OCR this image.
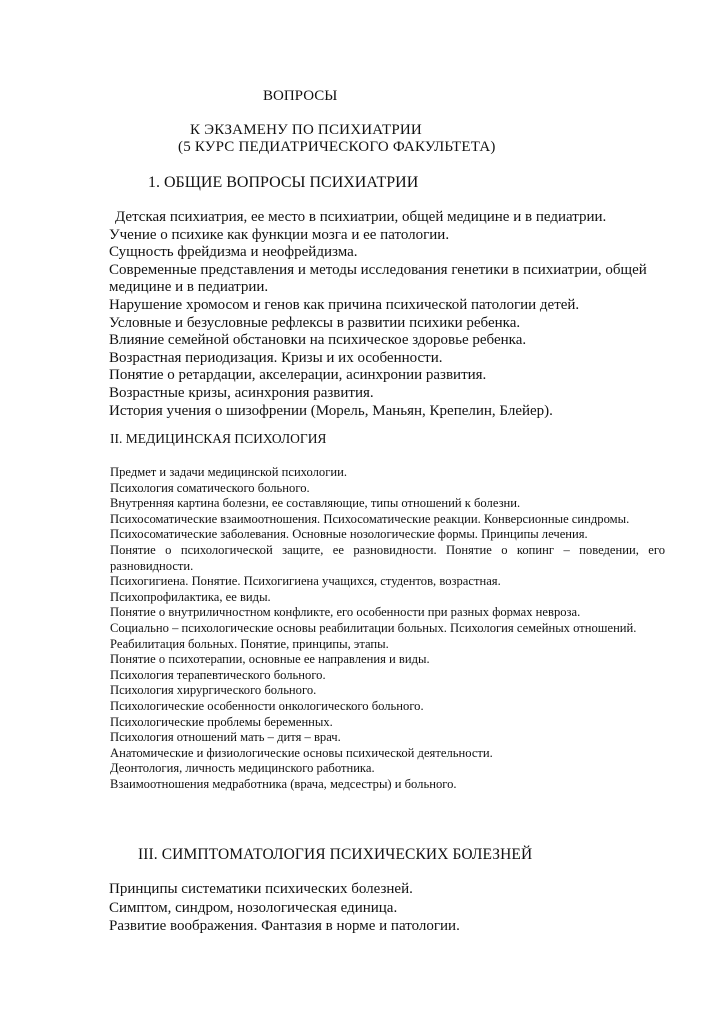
ВОПРОСЫ
К ЭКЗАМЕНУ ПО ПСИХИАТРИИ
(5 КУРС ПЕДИАТРИЧЕСКОГО ФАКУЛЬТЕТА)
1. ОБЩИЕ ВОПРОСЫ ПСИХИАТРИИ
Детская психиатрия, ее место в психиатрии, общей медицине и в педиатрии.
Учение о психике как функции мозга и ее патологии.
Сущность фрейдизма и неофрейдизма.
Современные представления и методы исследования генетики в психиатрии, общей
медицине и в педиатрии.
Нарушение хромосом и генов как причина психической патологии детей.
Условные и безусловные рефлексы в развитии психики ребенка.
Влияние семейной обстановки на психическое здоровье ребенка.
Возрастная периодизация. Кризы и их особенности.
Понятие о ретардации, акселерации, асинхронии развития.
Возрастные кризы, асинхрония развития.
История учения о шизофрении (Морель, Маньян, Крепелин, Блейер).
II. МЕДИЦИНСКАЯ ПСИХОЛОГИЯ
Предмет и задачи медицинской психологии.
Психология соматического больного.
Внутренняя картина болезни, ее составляющие, типы отношений к болезни.
Психосоматические взаимоотношения. Психосоматические реакции. Конверсионные синдромы.
Психосоматические заболевания. Основные нозологические формы. Принципы лечения.
Понятие о психологической защите, ее разновидности. Понятие о копинг – поведении, его разновидности.
Психогигиена. Понятие. Психогигиена учащихся, студентов, возрастная.
Психопрофилактика, ее виды.
Понятие о внутриличностном конфликте, его особенности при разных формах невроза.
Социально – психологические основы реабилитации больных. Психология семейных отношений.
Реабилитация больных. Понятие, принципы, этапы.
Понятие о психотерапии, основные ее направления и виды.
Психология терапевтического больного.
Психология хирургического больного.
Психологические особенности онкологического больного.
Психологические проблемы беременных.
Психология отношений мать – дитя – врач.
Анатомические и физиологические основы психической деятельности.
Деонтология, личность медицинского работника.
Взаимоотношения медработника (врача, медсестры) и больного.
III. СИМПТОМАТОЛОГИЯ ПСИХИЧЕСКИХ БОЛЕЗНЕЙ
Принципы систематики психических болезней.
Симптом, синдром, нозологическая единица.
Развитие воображения. Фантазия в норме и патологии.
